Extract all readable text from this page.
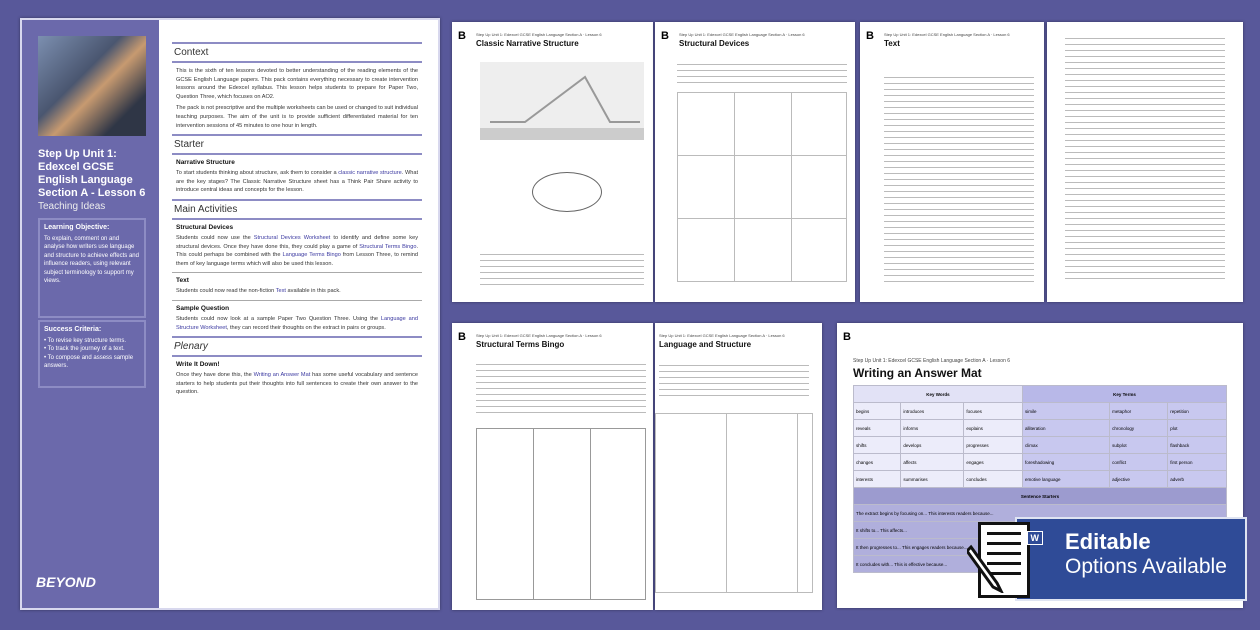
Step Up Unit 1: Edexcel GCSE English Language Section A - Lesson 6
Teaching Ideas
Learning Objective:
To explain, comment on and analyse how writers use language and structure to achieve effects and influence readers, using relevant subject terminology to support my views.
Success Criteria:
• To revise key structure terms.
• To track the journey of a text.
• To compose and assess sample answers.
BEYOND
Context
This is the sixth of ten lessons devoted to better understanding of the reading elements of the GCSE English Language papers. This pack contains everything necessary to create intervention lessons around the Edexcel syllabus. This lesson helps students to prepare for Paper Two, Question Three, which focuses on AO2.
The pack is not prescriptive and the multiple worksheets can be used or changed to suit individual teaching purposes. The aim of the unit is to provide sufficient differentiated material for ten intervention sessions of 45 minutes to one hour in length.
Starter
Narrative Structure
To start students thinking about structure, ask them to consider a classic narrative structure. What are the key stages? The Classic Narrative Structure sheet has a Think Pair Share activity to introduce central ideas and concepts for the lesson.
Main Activities
Structural Devices
Students could now use the Structural Devices Worksheet to identify and define some key structural devices. Once they have done this, they could play a game of Structural Terms Bingo. This could perhaps be combined with the Language Terms Bingo from Lesson Three, to remind them of key language terms which will also be used this lesson.
Text
Students could now read the non-fiction Text available in this pack.
Sample Question
Students could now look at a sample Paper Two Question Three. Using the Language and Structure Worksheet, they can record their thoughts on the extract in pairs or groups.
Plenary
Write It Down!
Once they have done this, the Writing an Answer Mat has some useful vocabulary and sentence starters to help students put their thoughts into full sentences to create their own answer to the question.
B	Step Up Unit 1: Edexcel GCSE English Language Section A · Lesson 6
Classic Narrative Structure
B	Step Up Unit 1: Edexcel GCSE English Language Section A · Lesson 6
Structural Devices
B	Step Up Unit 1: Edexcel GCSE English Language Section A · Lesson 6
Text
B	Step Up Unit 1: Edexcel GCSE English Language Section A · Lesson 6
Structural Terms Bingo
Step Up Unit 1: Edexcel GCSE English Language Section A · Lesson 6
Language and Structure
B
Step Up Unit 1: Edexcel GCSE English Language Section A · Lesson 6
Writing an Answer Mat
Key Words			Key Terms		
begins	introduces	focuses	simile	metaphor	repetition
reveals	informs	explains	alliteration	chronology	plot
shifts	develops	progresses	climax	subplot	flashback
changes	affects	engages	foreshadowing	conflict	first person
interests	summarises	concludes	emotive language	adjective	adverb
Sentence Starters					
The extract begins by focusing on... This interests readers because...					
It shifts to... This affects...					
It then progresses to... This engages readers because...					
It concludes with... This is effective because...					
Editable
Options Available
W
